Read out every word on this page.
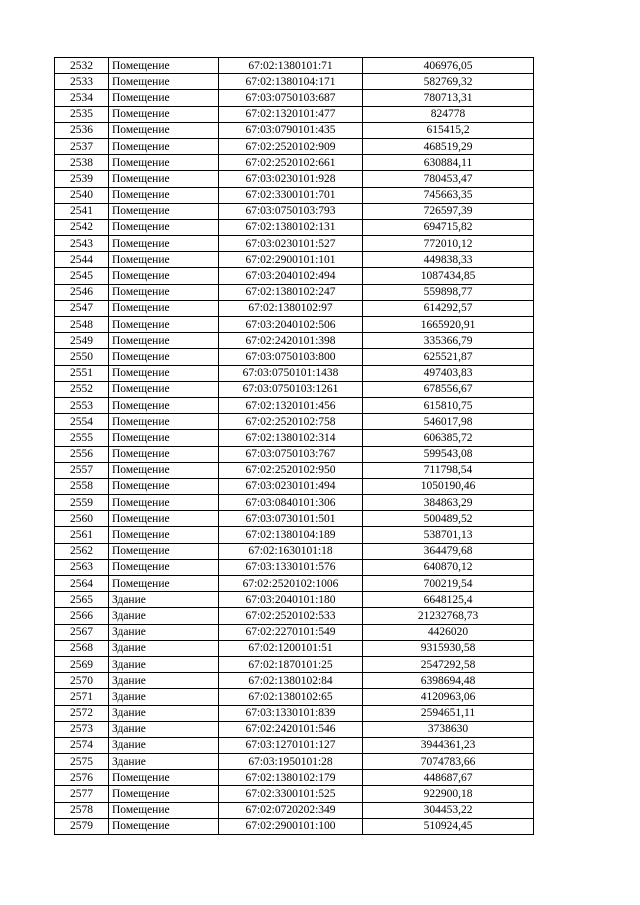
2532	Помещение	67:02:1380101:71	406976,05
2533	Помещение	67:02:1380104:171	582769,32
2534	Помещение	67:03:0750103:687	780713,31
2535	Помещение	67:02:1320101:477	824778
2536	Помещение	67:03:0790101:435	615415,2
2537	Помещение	67:02:2520102:909	468519,29
2538	Помещение	67:02:2520102:661	630884,11
2539	Помещение	67:03:0230101:928	780453,47
2540	Помещение	67:02:3300101:701	745663,35
2541	Помещение	67:03:0750103:793	726597,39
2542	Помещение	67:02:1380102:131	694715,82
2543	Помещение	67:03:0230101:527	772010,12
2544	Помещение	67:02:2900101:101	449838,33
2545	Помещение	67:03:2040102:494	1087434,85
2546	Помещение	67:02:1380102:247	559898,77
2547	Помещение	67:02:1380102:97	614292,57
2548	Помещение	67:03:2040102:506	1665920,91
2549	Помещение	67:02:2420101:398	335366,79
2550	Помещение	67:03:0750103:800	625521,87
2551	Помещение	67:03:0750101:1438	497403,83
2552	Помещение	67:03:0750103:1261	678556,67
2553	Помещение	67:02:1320101:456	615810,75
2554	Помещение	67:02:2520102:758	546017,98
2555	Помещение	67:02:1380102:314	606385,72
2556	Помещение	67:03:0750103:767	599543,08
2557	Помещение	67:02:2520102:950	711798,54
2558	Помещение	67:03:0230101:494	1050190,46
2559	Помещение	67:03:0840101:306	384863,29
2560	Помещение	67:03:0730101:501	500489,52
2561	Помещение	67:02:1380104:189	538701,13
2562	Помещение	67:02:1630101:18	364479,68
2563	Помещение	67:03:1330101:576	640870,12
2564	Помещение	67:02:2520102:1006	700219,54
2565	Здание	67:03:2040101:180	6648125,4
2566	Здание	67:02:2520102:533	21232768,73
2567	Здание	67:02:2270101:549	4426020
2568	Здание	67:02:1200101:51	9315930,58
2569	Здание	67:02:1870101:25	2547292,58
2570	Здание	67:02:1380102:84	6398694,48
2571	Здание	67:02:1380102:65	4120963,06
2572	Здание	67:03:1330101:839	2594651,11
2573	Здание	67:02:2420101:546	3738630
2574	Здание	67:03:1270101:127	3944361,23
2575	Здание	67:03:1950101:28	7074783,66
2576	Помещение	67:02:1380102:179	448687,67
2577	Помещение	67:02:3300101:525	922900,18
2578	Помещение	67:02:0720202:349	304453,22
2579	Помещение	67:02:2900101:100	510924,45
